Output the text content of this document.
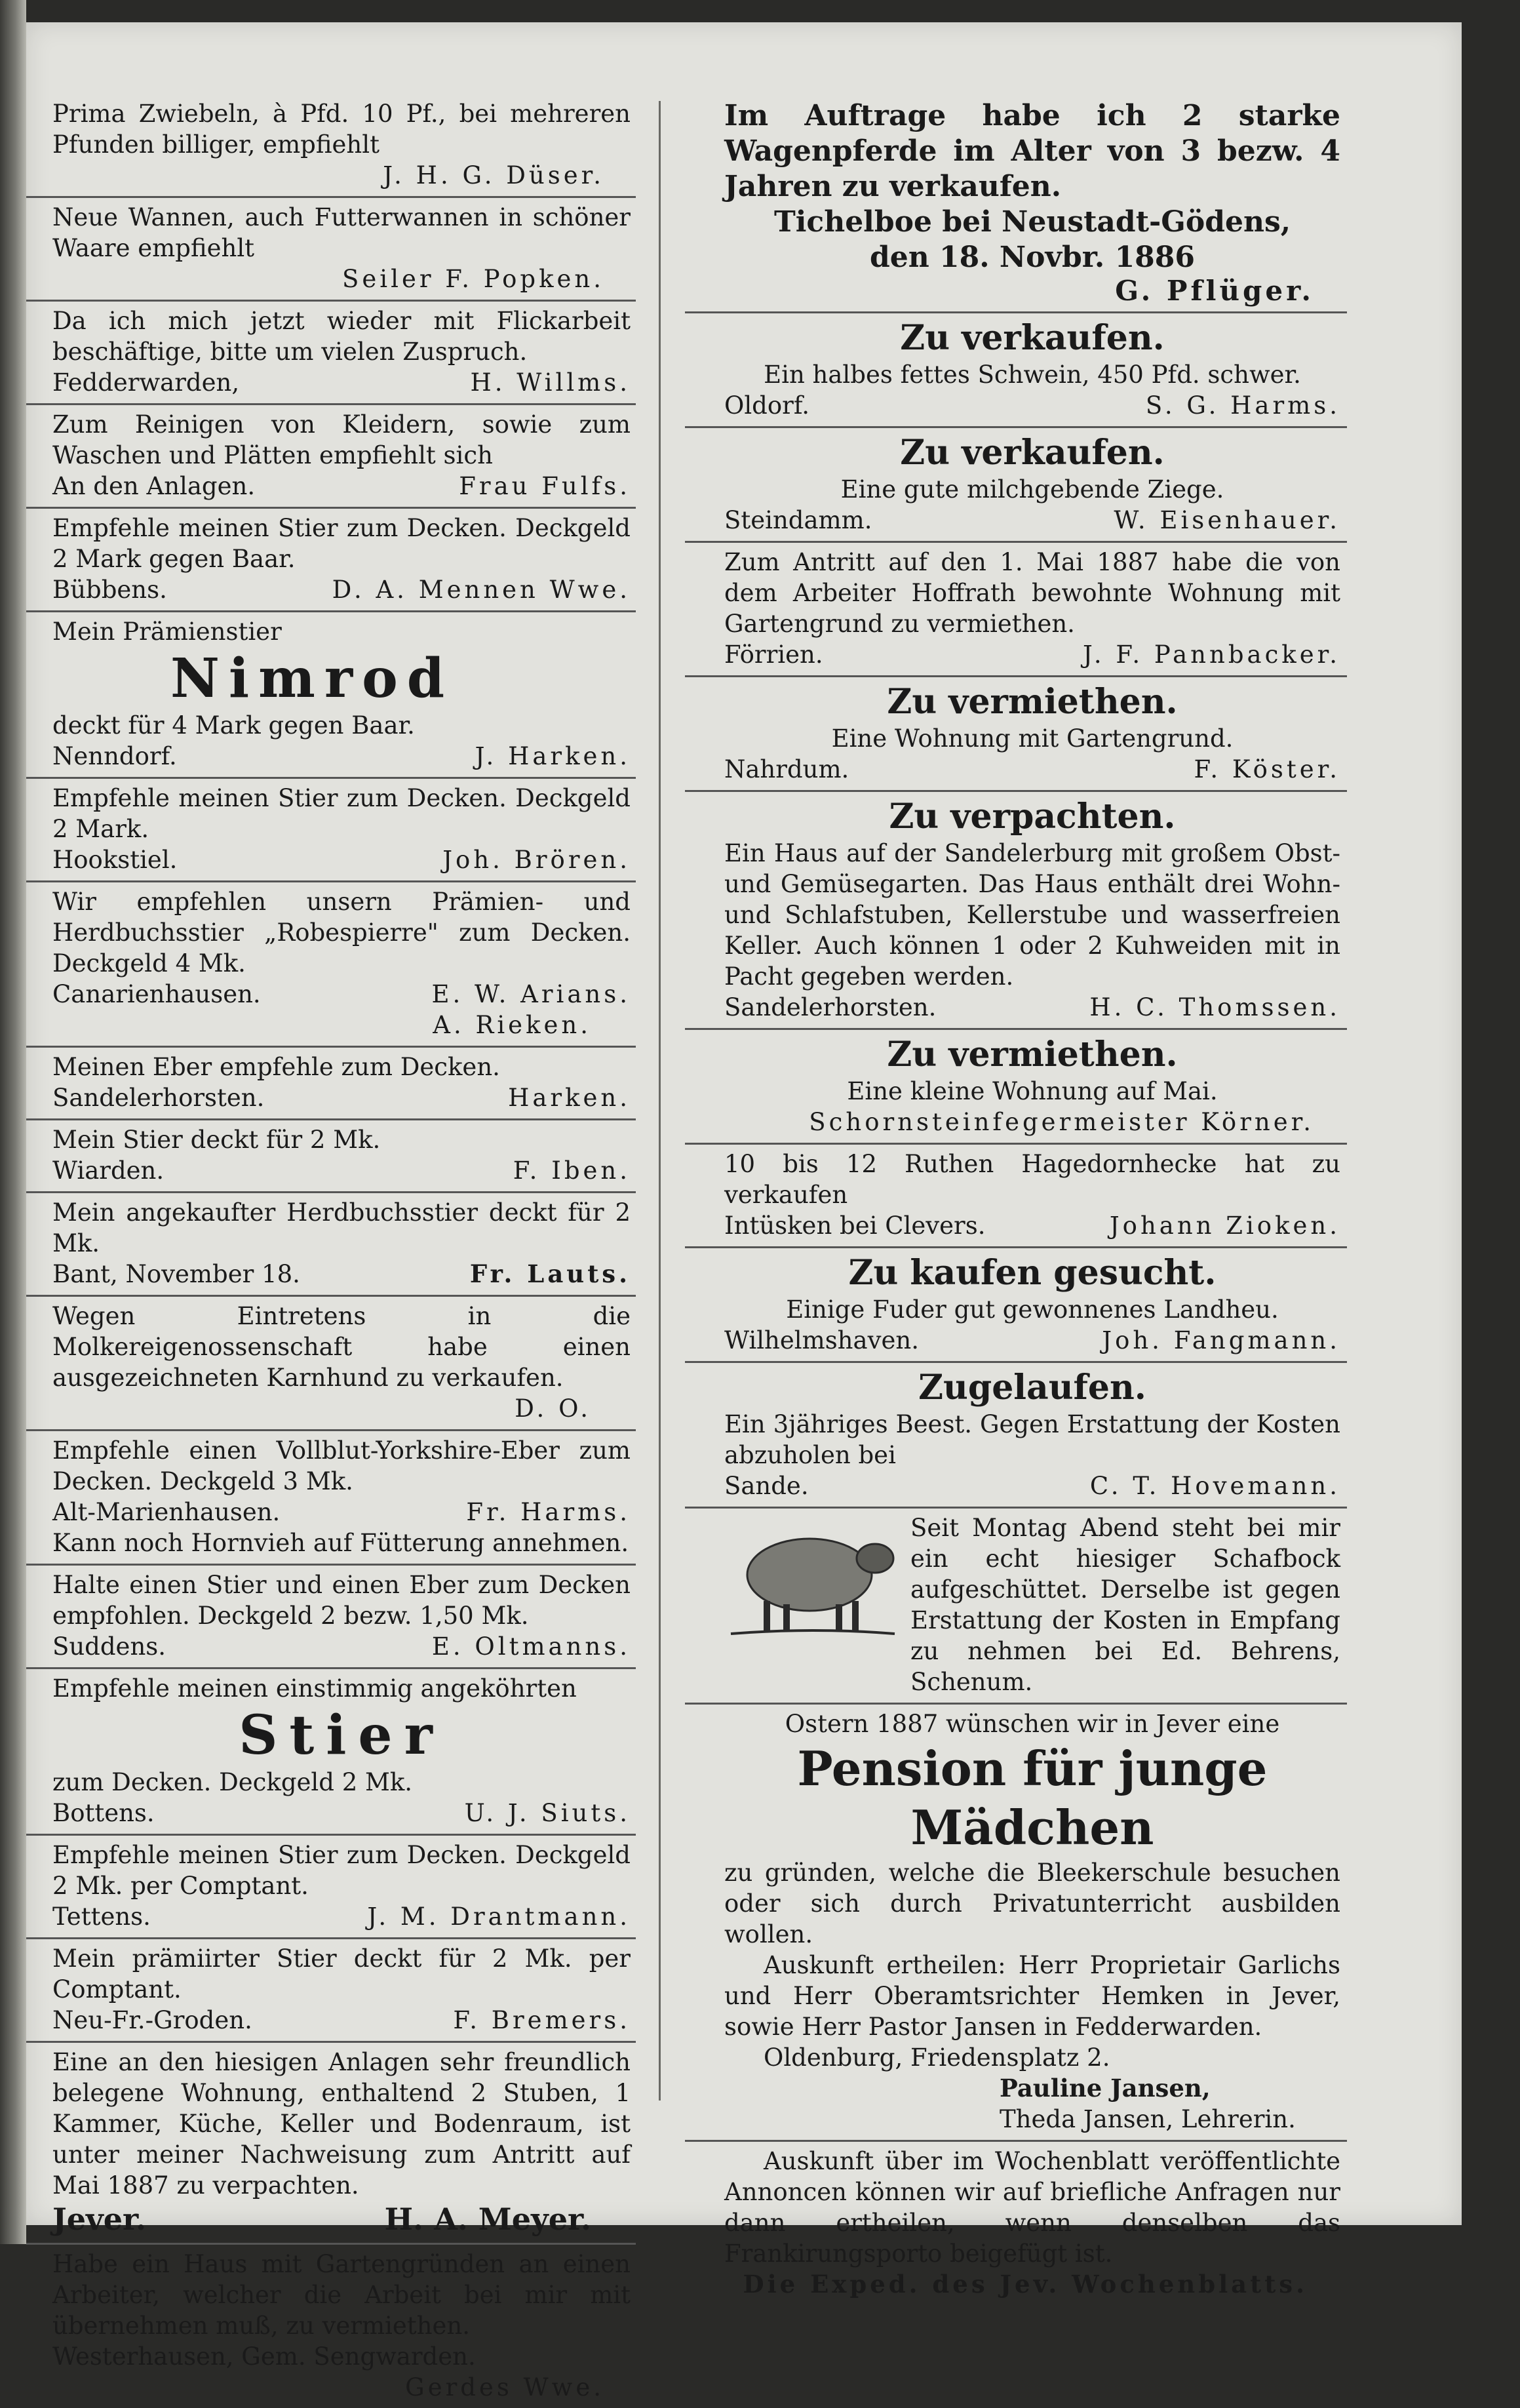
Prima Zwiebeln, à Pfd. 10 Pf., bei mehreren Pfunden billiger, empfiehlt
J. H. G. Düser.
Neue Wannen, auch Futterwannen in schöner Waare empfiehlt
Seiler F. Popken.
Da ich mich jetzt wieder mit Flickarbeit beschäftige, bitte um vielen Zuspruch.
Fedderwarden,	H. Willms.
Zum Reinigen von Kleidern, sowie zum Waschen und Plätten empfiehlt sich
An den Anlagen.	Frau Fulfs.
Empfehle meinen Stier zum Decken. Deckgeld 2 Mark gegen Baar.
Bübbens.	D. A. Mennen Wwe.
Mein Prämienstier
Nimrod
deckt für 4 Mark gegen Baar.
Nenndorf.	J. Harken.
Empfehle meinen Stier zum Decken. Deckgeld 2 Mark.
Hookstiel.	Joh. Brören.
Wir empfehlen unsern Prämien- und Herdbuchsstier „Robespierre" zum Decken. Deckgeld 4 Mk.
Canarienhausen.	E. W. Arians.
A. Rieken.
Meinen Eber empfehle zum Decken.
Sandelerhorsten.	Harken.
Mein Stier deckt für 2 Mk.
Wiarden.	F. Iben.
Mein angekaufter Herdbuchsstier deckt für 2 Mk.
Bant, November 18.	Fr. Lauts.
Wegen Eintretens in die Molkereigenossenschaft habe einen ausgezeichneten Karnhund zu verkaufen.
D. O.
Empfehle einen Vollblut-Yorkshire-Eber zum Decken. Deckgeld 3 Mk.
Alt-Marienhausen.	Fr. Harms.
Kann noch Hornvieh auf Fütterung annehmen.
Halte einen Stier und einen Eber zum Decken empfohlen. Deckgeld 2 bezw. 1,50 Mk.
Suddens.	E. Oltmanns.
Empfehle meinen einstimmig angeköhrten
Stier
zum Decken. Deckgeld 2 Mk.
Bottens.	U. J. Siuts.
Empfehle meinen Stier zum Decken. Deckgeld 2 Mk. per Comptant.
Tettens.	J. M. Drantmann.
Mein prämiirter Stier deckt für 2 Mk. per Comptant.
Neu-Fr.-Groden.	F. Bremers.
Eine an den hiesigen Anlagen sehr freundlich belegene Wohnung, enthaltend 2 Stuben, 1 Kammer, Küche, Keller und Bodenraum, ist unter meiner Nachweisung zum Antritt auf Mai 1887 zu verpachten.
Jever.	H. A. Meyer.
Habe ein Haus mit Gartengründen an einen Arbeiter, welcher die Arbeit bei mir mit übernehmen muß, zu vermiethen.
Westerhausen, Gem. Sengwarden.
Gerdes Wwe.
Im Auftrage habe ich 2 starke Wagenpferde im Alter von 3 bezw. 4 Jahren zu verkaufen.
Tichelboe bei Neustadt-Gödens,
den 18. Novbr. 1886
G. Pflüger.
Zu verkaufen.
Ein halbes fettes Schwein, 450 Pfd. schwer.
Oldorf.	S. G. Harms.
Zu verkaufen.
Eine gute milchgebende Ziege.
Steindamm.	W. Eisenhauer.
Zum Antritt auf den 1. Mai 1887 habe die von dem Arbeiter Hoffrath bewohnte Wohnung mit Gartengrund zu vermiethen.
Förrien.	J. F. Pannbacker.
Zu vermiethen.
Eine Wohnung mit Gartengrund.
Nahrdum.	F. Köster.
Zu verpachten.
Ein Haus auf der Sandelerburg mit großem Obst- und Gemüsegarten. Das Haus enthält drei Wohn- und Schlafstuben, Kellerstube und wasserfreien Keller. Auch können 1 oder 2 Kuhweiden mit in Pacht gegeben werden.
Sandelerhorsten.	H. C. Thomssen.
Zu vermiethen.
Eine kleine Wohnung auf Mai.
Schornsteinfegermeister Körner.
10 bis 12 Ruthen Hagedornhecke hat zu verkaufen
Intüsken bei Clevers.	Johann Zioken.
Zu kaufen gesucht.
Einige Fuder gut gewonnenes Landheu.
Wilhelmshaven.	Joh. Fangmann.
Zugelaufen.
Ein 3jähriges Beest. Gegen Erstattung der Kosten abzuholen bei
Sande.	C. T. Hovemann.
Seit Montag Abend steht bei mir ein echt hiesiger Schafbock aufgeschüttet. Derselbe ist gegen Erstattung der Kosten in Empfang zu nehmen bei Ed. Behrens, Schenum.
Ostern 1887 wünschen wir in Jever eine
Pension für junge Mädchen
zu gründen, welche die Bleekerschule besuchen oder sich durch Privatunterricht ausbilden wollen.
Auskunft ertheilen: Herr Proprietair Garlichs und Herr Oberamtsrichter Hemken in Jever, sowie Herr Pastor Jansen in Fedderwarden.
Oldenburg, Friedensplatz 2.
Pauline Jansen,
Theda Jansen, Lehrerin.
Auskunft über im Wochenblatt veröffentlichte Annoncen können wir auf briefliche Anfragen nur dann ertheilen, wenn denselben das Frankirungsporto beigefügt ist.
Die Exped. des Jev. Wochenblatts.
